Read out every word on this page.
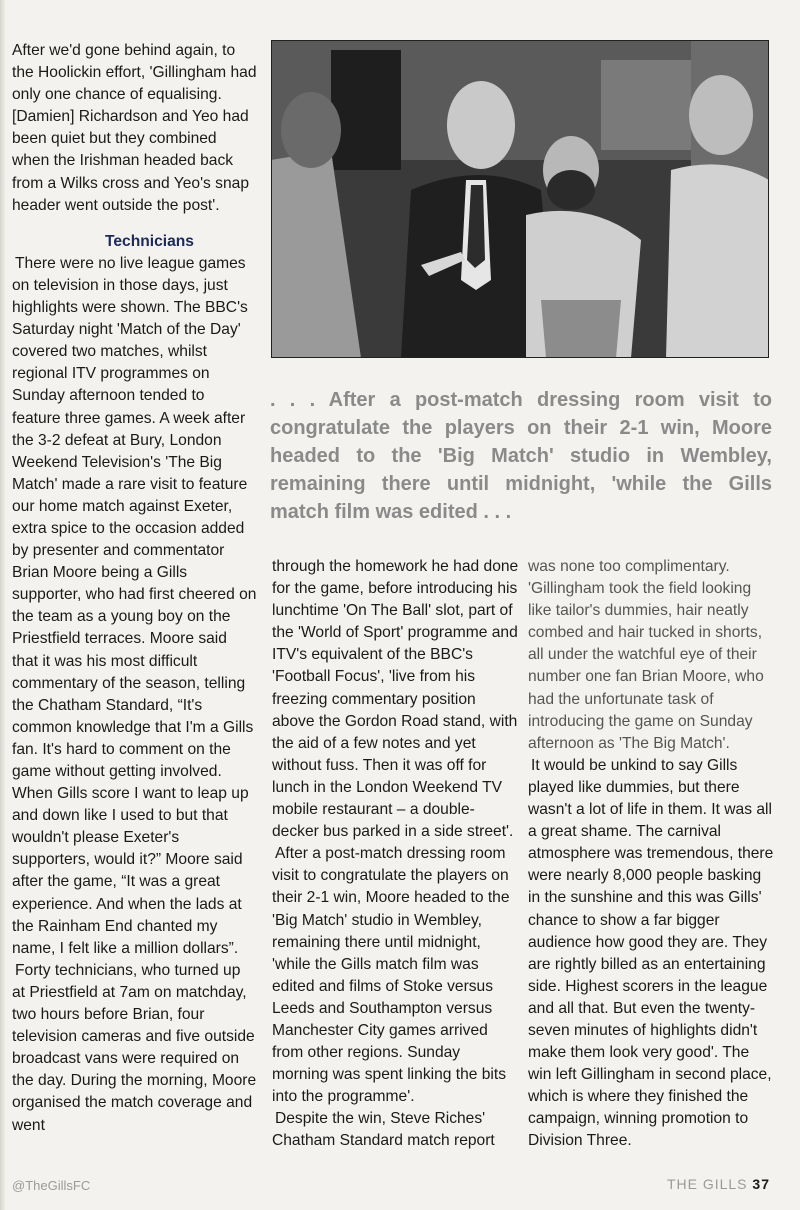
After we'd gone behind again, to the Hoolickin effort, 'Gillingham had only one chance of equalising. [Damien] Richardson and Yeo had been quiet but they combined when the Irishman headed back from a Wilks cross and Yeo's snap header went outside the post'.

Technicians

There were no live league games on television in those days, just highlights were shown. The BBC's Saturday night 'Match of the Day' covered two matches, whilst regional ITV programmes on Sunday afternoon tended to feature three games. A week after the 3-2 defeat at Bury, London Weekend Television's 'The Big Match' made a rare visit to feature our home match against Exeter, extra spice to the occasion added by presenter and commentator Brian Moore being a Gills supporter, who had first cheered on the team as a young boy on the Priestfield terraces. Moore said that it was his most difficult commentary of the season, telling the Chatham Standard, “It's common knowledge that I'm a Gills fan. It's hard to comment on the game without getting involved. When Gills score I want to leap up and down like I used to but that wouldn't please Exeter's supporters, would it?” Moore said after the game, “It was a great experience. And when the lads at the Rainham End chanted my name, I felt like a million dollars”.

Forty technicians, who turned up at Priestfield at 7am on matchday, two hours before Brian, four television cameras and five outside broadcast vans were required on the day. During the morning, Moore organised the match coverage and went

. . . After a post-match dressing room visit to congratulate the players on their 2-1 win, Moore headed to the 'Big Match' studio in Wembley, remaining there until midnight, 'while the Gills match film was edited . . .

through the homework he had done for the game, before introducing his lunchtime 'On The Ball' slot, part of the 'World of Sport' programme and ITV's equivalent of the BBC's 'Football Focus', 'live from his freezing commentary position above the Gordon Road stand, with the aid of a few notes and yet without fuss. Then it was off for lunch in the London Weekend TV mobile restaurant – a double-decker bus parked in a side street'.

After a post-match dressing room visit to congratulate the players on their 2-1 win, Moore headed to the 'Big Match' studio in Wembley, remaining there until midnight, 'while the Gills match film was edited and films of Stoke versus Leeds and Southampton versus Manchester City games arrived from other regions. Sunday morning was spent linking the bits into the programme'.

Despite the win, Steve Riches' Chatham Standard match report

was none too complimentary. 'Gillingham took the field looking like tailor's dummies, hair neatly combed and hair tucked in shorts, all under the watchful eye of their number one fan Brian Moore, who had the unfortunate task of introducing the game on Sunday afternoon as 'The Big Match'.

It would be unkind to say Gills played like dummies, but there wasn't a lot of life in them. It was all a great shame. The carnival atmosphere was tremendous, there were nearly 8,000 people basking in the sunshine and this was Gills' chance to show a far bigger audience how good they are. They are rightly billed as an entertaining side. Highest scorers in the league and all that. But even the twenty-seven minutes of highlights didn't make them look very good'. The win left Gillingham in second place, which is where they finished the campaign, winning promotion to Division Three.

@TheGillsFC	THE GILLS 37
